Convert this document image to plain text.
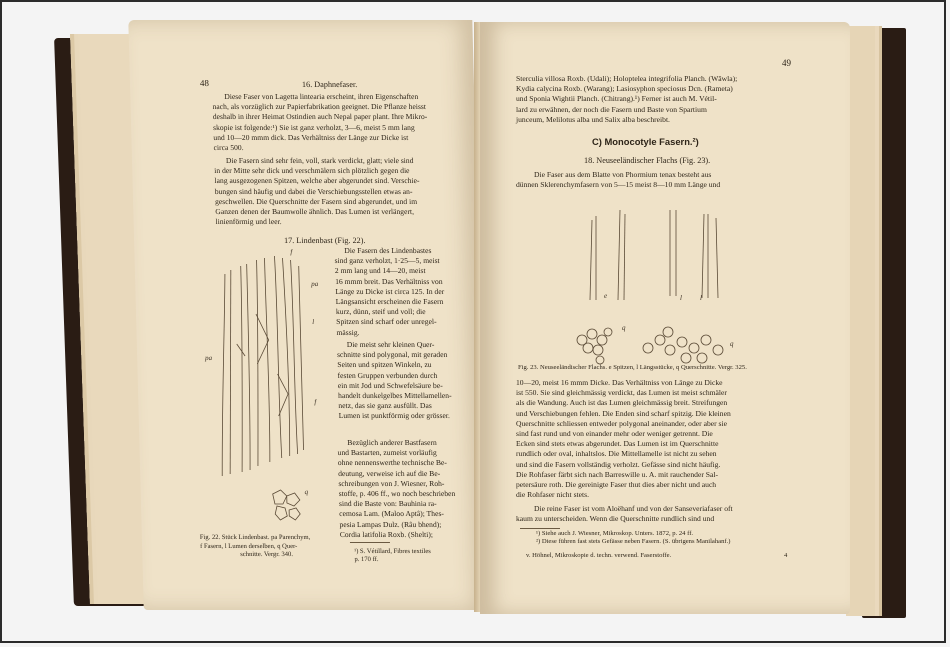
48	16. Daphnefaser.
Diese Faser von Lagetta lintearia erscheint, ihren Eigenschaften
nach, als vorzüglich zur Papierfabrikation geeignet. Die Pflanze heisst
deshalb in ihrer Heimat Ostindien auch Nepal paper plant. Ihre Mikro-
skopie ist folgende:¹) Sie ist ganz verholzt, 3—6, meist 5 mm lang
und 10—20 mmm dick. Das Verhältniss der Länge zur Dicke ist
circa 500.
Die Fasern sind sehr fein, voll, stark verdickt, glatt; viele sind
in der Mitte sehr dick und verschmälern sich plötzlich gegen die
lang ausgezogenen Spitzen, welche aber abgerundet sind. Verschie-
bungen sind häufig und dabei die Verschiebungsstellen etwas an-
geschwellen. Die Querschnitte der Fasern sind abgerundet, und im
Ganzen denen der Baumwolle ähnlich. Das Lumen ist verlängert,
linienförmig und leer.
17. Lindenbast (Fig. 22).
Die Fasern des Lindenbastes
sind ganz verholzt, 1·25—5, meist
2 mm lang und 14—20, meist
16 mmm breit. Das Verhältniss von
Länge zu Dicke ist circa 125. In der
Längsansicht erscheinen die Fasern
kurz, dünn, steif und voll; die
Spitzen sind scharf oder unregel-
mässig.
Die meist sehr kleinen Quer-
schnitte sind polygonal, mit geraden
Seiten und spitzen Winkeln, zu
festen Gruppen verbunden durch
ein mit Jod und Schwefelsäure be-
handelt dunkelgelbes Mittellamellen-
netz, das sie ganz ausfüllt. Das
Lumen ist punktförmig oder grösser.
Bezüglich anderer Bastfasern
und Bastarten, zumeist vorläufig
ohne nennenswerthe technische Be-
deutung, verweise ich auf die Be-
schreibungen von J. Wiesner, Roh-
stoffe, p. 406 ff., wo noch beschrieben
sind die Baste von: Bauhinia ra-
cemosa Lam. (Maloo Aptâ); Thes-
pesia Lampas Dulz. (Râu bhend);
Cordia latifolia Roxb. (Shelti);
f
pa
pa
l
f
q
Fig. 22. Stück Lindenbast. pa Parenchym,
f Fasern, l Lumen derselben, q Quer-
schnitte. Vergr. 340.	¹) S. Vétillard, Fibres textiles
p. 170 ff.
49
Sterculia villosa Roxb. (Udali); Holoptelea integrifolia Planch. (Wâwla);
Kydia calycina Roxb. (Warang); Lasiosyphon speciosus Dcn. (Rameta)
und Sponia Wightii Planch. (Chitrang).¹) Ferner ist auch M. Vétil-
lard zu erwähnen, der noch die Fasern und Baste von Spartium
junceum, Melilotus alba und Salix alba beschreibt.
C) Monocotyle Fasern.²)
18. Neuseeländischer Flachs (Fig. 23).
Die Faser aus dem Blatte von Phormium tenax besteht aus
dünnen Sklerenchymfasern von 5—15 meist 8—10 mm Länge und
e	l	l
q
q
Fig. 23. Neuseeländischer Flachs. e Spitzen, l Längsstücke, q Querschnitte. Vergr. 325.
10—20, meist 16 mmm Dicke. Das Verhältniss von Länge zu Dicke
ist 550. Sie sind gleichmässig verdickt, das Lumen ist meist schmäler
als die Wandung. Auch ist das Lumen gleichmässig breit. Streifungen
und Verschiebungen fehlen. Die Enden sind scharf spitzig. Die kleinen
Querschnitte schliessen entweder polygonal aneinander, oder aber sie
sind fast rund und von einander mehr oder weniger getrennt. Die
Ecken sind stets etwas abgerundet. Das Lumen ist im Querschnitte
rundlich oder oval, inhaltslos. Die Mittellamelle ist nicht zu sehen
und sind die Fasern vollständig verholzt. Gefässe sind nicht häufig.
Die Rohfaser färbt sich nach Barreswille u. A. mit rauchender Sal-
petersäure roth. Die gereinigte Faser thut dies aber nicht und auch
die Rohfaser nicht stets.
Die reine Faser ist vom Aloëhanf und von der Sanseveriafaser oft
kaum zu unterscheiden. Wenn die Querschnitte rundlich sind und
¹) Siehe auch J. Wiesner, Mikroskop. Unters. 1872, p. 24 ff.
²) Diese führen fast stets Gefässe neben Fasern. (S. übrigens Manilahanf.)
v. Höhnel, Mikroskopie d. techn. verwend. Faserstoffe.	4
